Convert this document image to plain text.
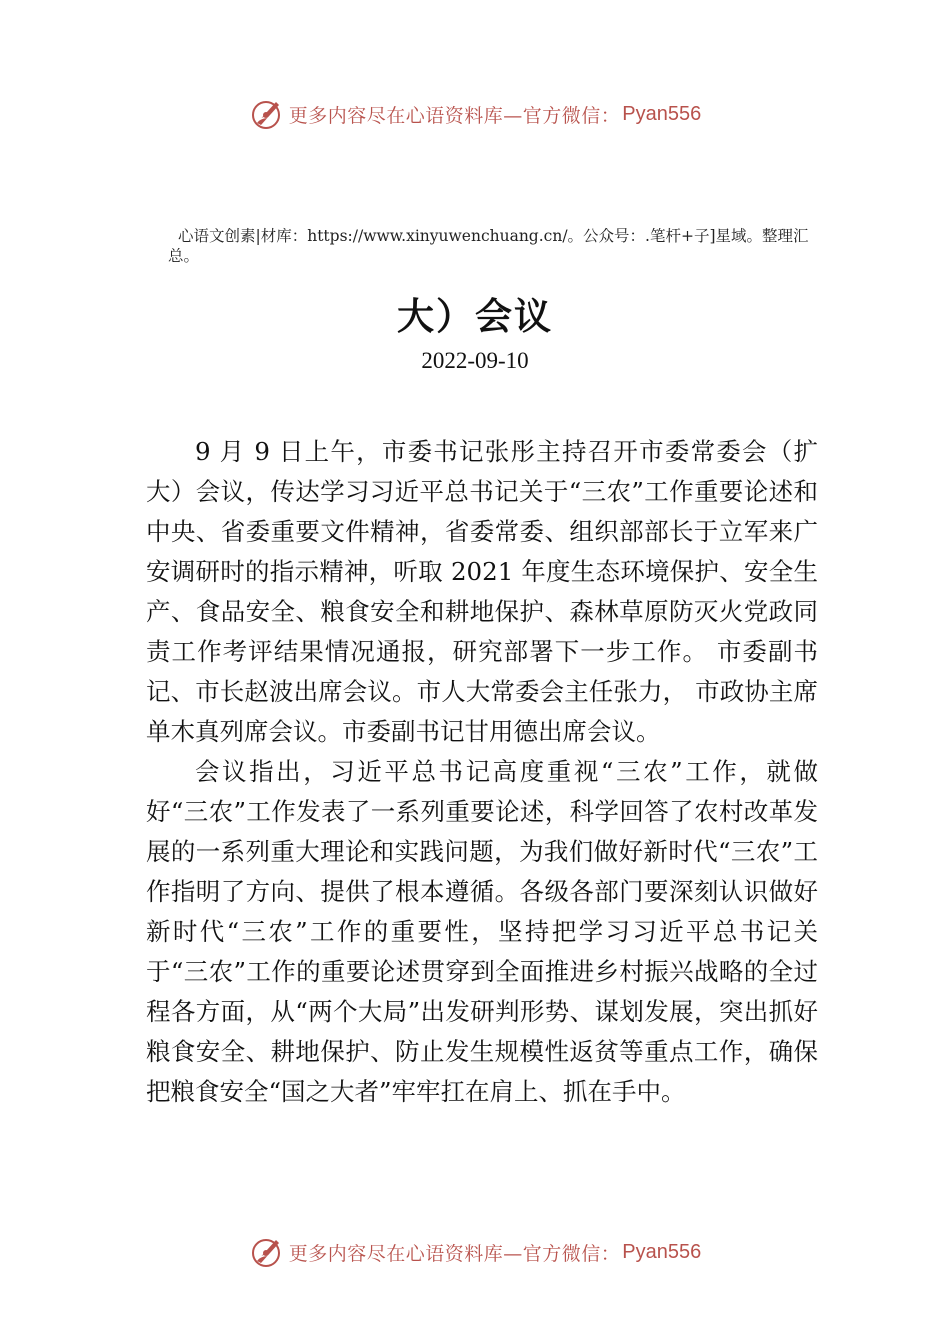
更多内容尽在心语资料库—官方微信： Pyan556
心语文创素|材库：https://www.xinyuwenchuang.cn/。公众号：.笔杆+子]星域。整理汇总。
大）会议
2022-09-10

9 月 9 日上午，市委书记张彤主持召开市委常委会（扩大）会议，传达学习习近平总书记关于“三农”工作重要论述和中央、省委重要文件精神，省委常委、组织部部长于立军来广安调研时的指示精神，听取 2021 年度生态环境保护、安全生产、食品安全、粮食安全和耕地保护、森林草原防灭火党政同责工作考评结果情况通报，研究部署下一步工作。 市委副书记、市长赵波出席会议。市人大常委会主任张力， 市政协主席单木真列席会议。市委副书记甘用德出席会议。

会议指出，习近平总书记高度重视“三农”工作，就做好“三农”工作发表了一系列重要论述，科学回答了农村改革发展的一系列重大理论和实践问题，为我们做好新时代“三农”工作指明了方向、提供了根本遵循。各级各部门要深刻认识做好新时代“三农”工作的重要性，坚持把学习习近平总书记关于“三农”工作的重要论述贯穿到全面推进乡村振兴战略的全过程各方面，从“两个大局”出发研判形势、谋划发展，突出抓好粮食安全、耕地保护、防止发生规模性返贫等重点工作，确保把粮食安全“国之大者”牢牢扛在肩上、抓在手中。

更多内容尽在心语资料库—官方微信： Pyan556
